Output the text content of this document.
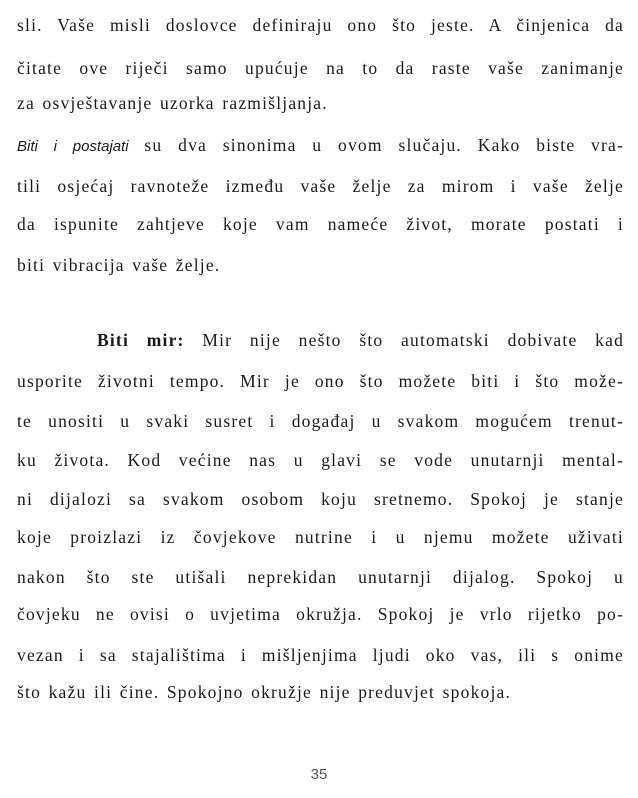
sli. Vaše misli doslovce definiraju ono što jeste. A činjenica da
čitate ove riječi samo upućuje na to da raste vaše zanimanje
za osvještavanje uzorka razmišljanja.
Biti i postajati su dva sinonima u ovom slučaju. Kako biste vra-
tili osjećaj ravnoteže između vaše želje za mirom i vaše želje
da ispunite zahtjeve koje vam nameće život, morate postati i
biti vibracija vaše želje.
Biti mir: Mir nije nešto što automatski dobivate kad
usporite životni tempo. Mir je ono što možete biti i što može-
te unositi u svaki susret i događaj u svakom mogućem trenut-
ku života. Kod većine nas u glavi se vode unutarnji mental-
ni dijalozi sa svakom osobom koju sretnemo. Spokoj je stanje
koje proizlazi iz čovjekove nutrine i u njemu možete uživati
nakon što ste utišali neprekidan unutarnji dijalog. Spokoj u
čovjeku ne ovisi o uvjetima okružja. Spokoj je vrlo rijetko po-
vezan i sa stajalištima i mišljenjima ljudi oko vas, ili s onime
što kažu ili čine. Spokojno okružje nije preduvjet spokoja.
35
